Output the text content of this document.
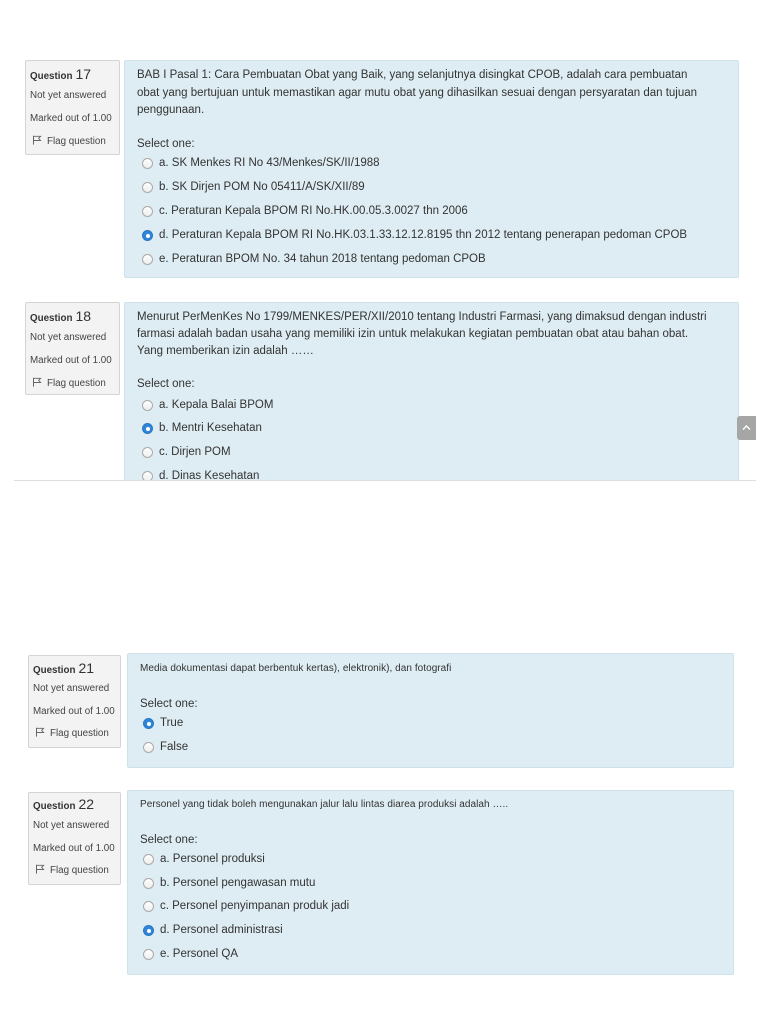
Question 17
Not yet answered
Marked out of 1.00
Flag question
BAB I Pasal 1: Cara Pembuatan Obat yang Baik, yang selanjutnya disingkat CPOB, adalah cara pembuatan
obat yang bertujuan untuk memastikan agar mutu obat yang dihasilkan sesuai dengan persyaratan dan tujuan
penggunaan.
Select one:
a. SK Menkes RI No 43/Menkes/SK/II/1988
b. SK Dirjen POM No 05411/A/SK/XII/89
c. Peraturan Kepala BPOM RI No.HK.00.05.3.0027 thn 2006
d. Peraturan Kepala BPOM RI No.HK.03.1.33.12.12.8195 thn 2012 tentang penerapan pedoman CPOB
e. Peraturan BPOM No. 34 tahun 2018 tentang pedoman CPOB
Question 18
Not yet answered
Marked out of 1.00
Flag question
Menurut PerMenKes No 1799/MENKES/PER/XII/2010 tentang Industri Farmasi, yang dimaksud dengan industri
farmasi adalah badan usaha yang memiliki izin untuk melakukan kegiatan pembuatan obat atau bahan obat.
Yang memberikan izin adalah ……
Select one:
a. Kepala Balai BPOM
b. Mentri Kesehatan
c. Dirjen POM
d. Dinas Kesehatan
Question 21
Not yet answered
Marked out of 1.00
Flag question
Media dokumentasi dapat berbentuk kertas), elektronik), dan fotografi
Select one:
True
False
Question 22
Not yet answered
Marked out of 1.00
Flag question
Personel yang tidak boleh mengunakan jalur lalu lintas diarea produksi adalah …..
Select one:
a. Personel produksi
b. Personel pengawasan mutu
c. Personel penyimpanan produk jadi
d. Personel administrasi
e. Personel QA
